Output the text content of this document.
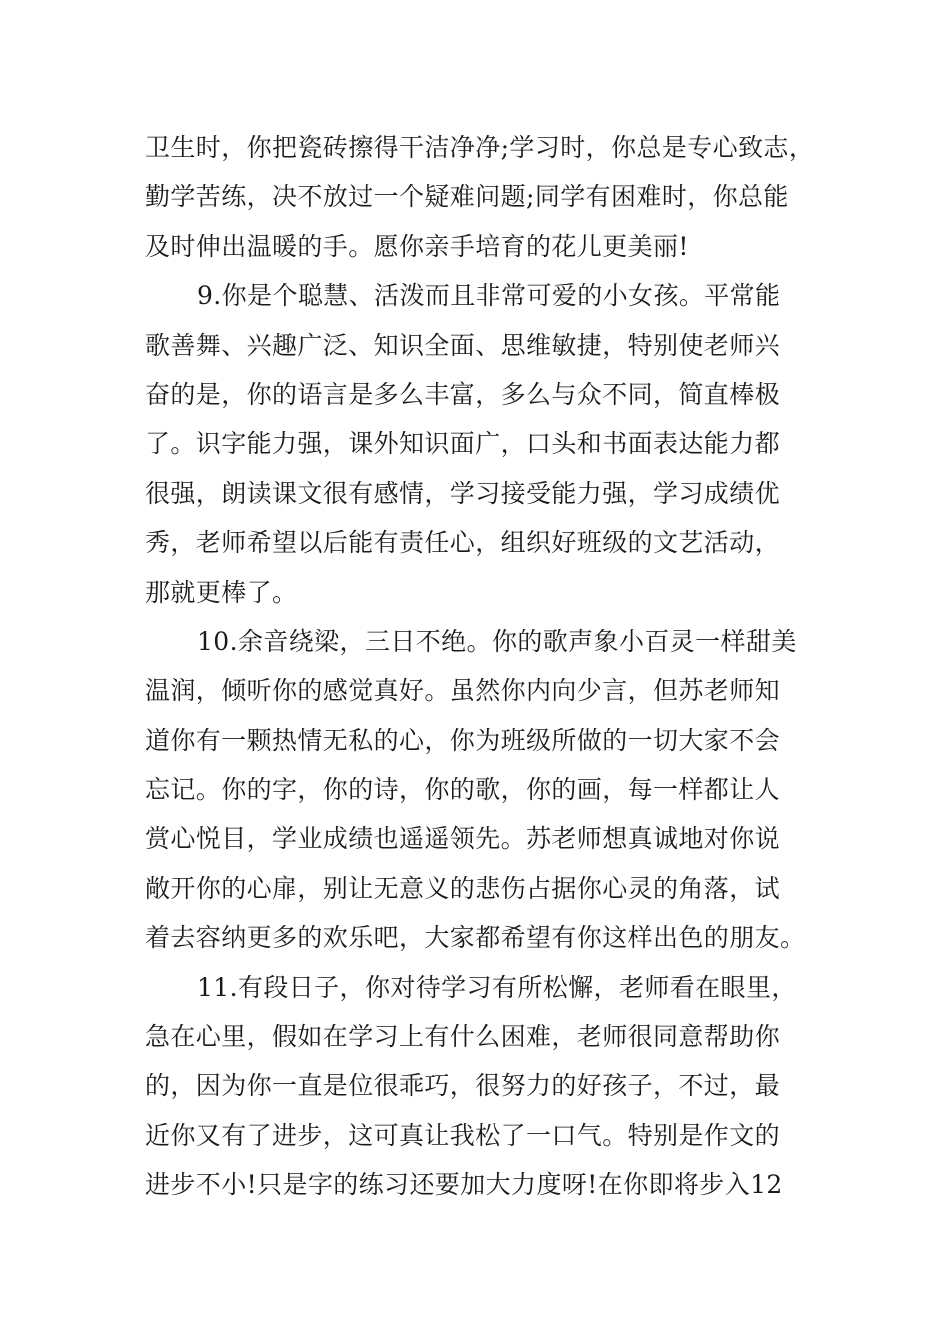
卫生时，你把瓷砖擦得干洁净净;学习时，你总是专心致志，
勤学苦练，决不放过一个疑难问题;同学有困难时，你总能
及时伸出温暖的手。愿你亲手培育的花儿更美丽!
9.你是个聪慧、活泼而且非常可爱的小女孩。平常能
歌善舞、兴趣广泛、知识全面、思维敏捷，特别使老师兴
奋的是，你的语言是多么丰富，多么与众不同，简直棒极
了。识字能力强，课外知识面广，口头和书面表达能力都
很强，朗读课文很有感情，学习接受能力强，学习成绩优
秀，老师希望以后能有责任心，组织好班级的文艺活动，
那就更棒了。
10.余音绕梁，三日不绝。你的歌声象小百灵一样甜美
温润，倾听你的感觉真好。虽然你内向少言，但苏老师知
道你有一颗热情无私的心，你为班级所做的一切大家不会
忘记。你的字，你的诗，你的歌，你的画，每一样都让人
赏心悦目，学业成绩也遥遥领先。苏老师想真诚地对你说
敞开你的心扉，别让无意义的悲伤占据你心灵的角落，试
着去容纳更多的欢乐吧，大家都希望有你这样出色的朋友。
11.有段日子，你对待学习有所松懈，老师看在眼里，
急在心里，假如在学习上有什么困难，老师很同意帮助你
的，因为你一直是位很乖巧，很努力的好孩子，不过，最
近你又有了进步，这可真让我松了一口气。特别是作文的
进步不小!只是字的练习还要加大力度呀!在你即将步入12
